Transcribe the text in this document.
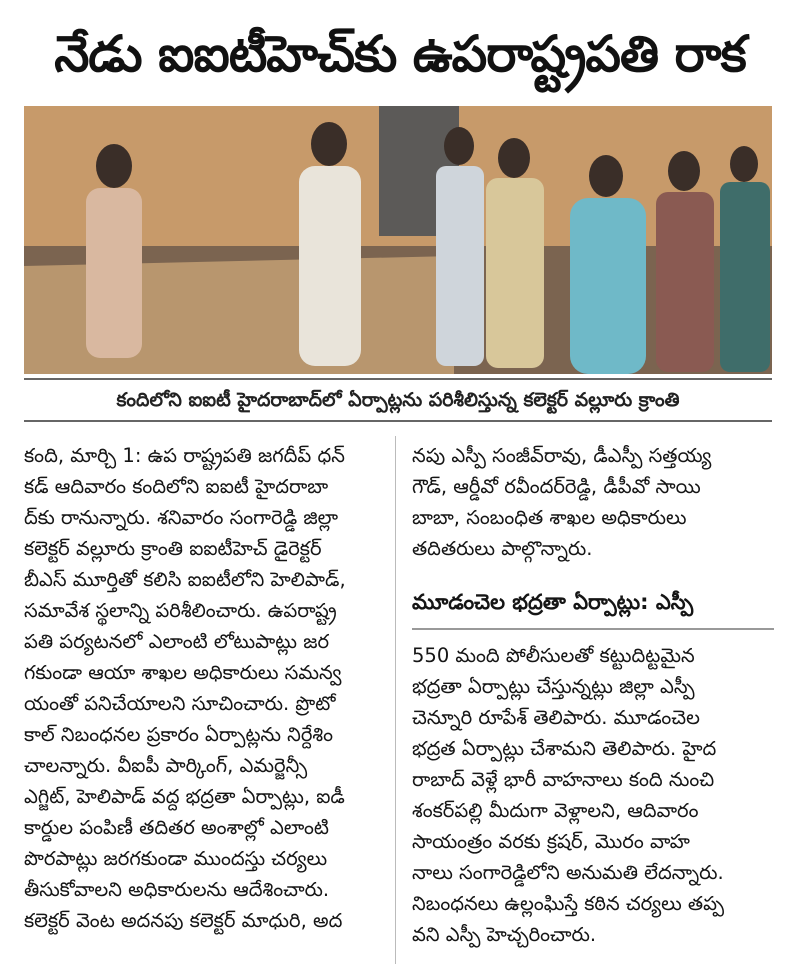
నేడు ఐఐటీహెచ్‌కు ఉపరాష్ట్రపతి రాక
కందిలోని ఐఐటీ హైదరాబాద్‌లో ఏర్పాట్లను పరిశీలిస్తున్న కలెక్టర్ వల్లూరు క్రాంతి
కంది, మార్చి 1: ఉప రాష్ట్రపతి జగదీప్ ధన్
కడ్ ఆదివారం కందిలోని ఐఐటీ హైదరాబా
ద్‌కు రానున్నారు. శనివారం సంగారెడ్డి జిల్లా
కలెక్టర్ వల్లూరు క్రాంతి ఐఐటీహెచ్ డైరెక్టర్
బీఎస్ మూర్తితో కలిసి ఐఐటీలోని హెలిపాడ్,
సమావేశ స్థలాన్ని పరిశీలించారు. ఉపరాష్ట్ర
పతి పర్యటనలో ఎలాంటి లోటుపాట్లు జర
గకుండా ఆయా శాఖల అధికారులు సమన్వ
యంతో పనిచేయాలని సూచించారు. ప్రొటో
కాల్ నిబంధనల ప్రకారం ఏర్పాట్లను నిర్దేశిం
చాలన్నారు. వీఐపీ పార్కింగ్, ఎమర్జెన్సీ
ఎగ్జిట్, హెలిపాడ్ వద్ద భద్రతా ఏర్పాట్లు, ఐడీ
కార్డుల పంపిణీ తదితర అంశాల్లో ఎలాంటి
పొరపాట్లు జరగకుండా ముందస్తు చర్యలు
తీసుకోవాలని అధికారులను ఆదేశించారు.
కలెక్టర్ వెంట అదనపు కలెక్టర్ మాధురి, అద
నపు ఎస్పీ సంజీవ్‌రావు, డీఎస్పీ సత్తయ్య
గౌడ్, ఆర్డీవో రవీందర్‌రెడ్డి, డీపీవో సాయి
బాబా, సంబంధిత శాఖల అధికారులు
తదితరులు పాల్గొన్నారు.
మూడంచెల భద్రతా ఏర్పాట్లు: ఎస్పీ
550 మంది పోలీసులతో కట్టుదిట్టమైన
భద్రతా ఏర్పాట్లు చేస్తున్నట్లు జిల్లా ఎస్పీ
చెన్నూరి రూపేశ్ తెలిపారు. మూడంచెల
భద్రత ఏర్పాట్లు చేశామని తెలిపారు. హైద
రాబాద్ వెళ్లే భారీ వాహనాలు కంది నుంచి
శంకర్‌పల్లి మీదుగా వెళ్లాలని, ఆదివారం
సాయంత్రం వరకు క్రషర్, మొరం వాహ
నాలు సంగారెడ్డిలోని అనుమతి లేదన్నారు.
నిబంధనలు ఉల్లంఘిస్తే కఠిన చర్యలు తప్ప
వని ఎస్పీ హెచ్చరించారు.
